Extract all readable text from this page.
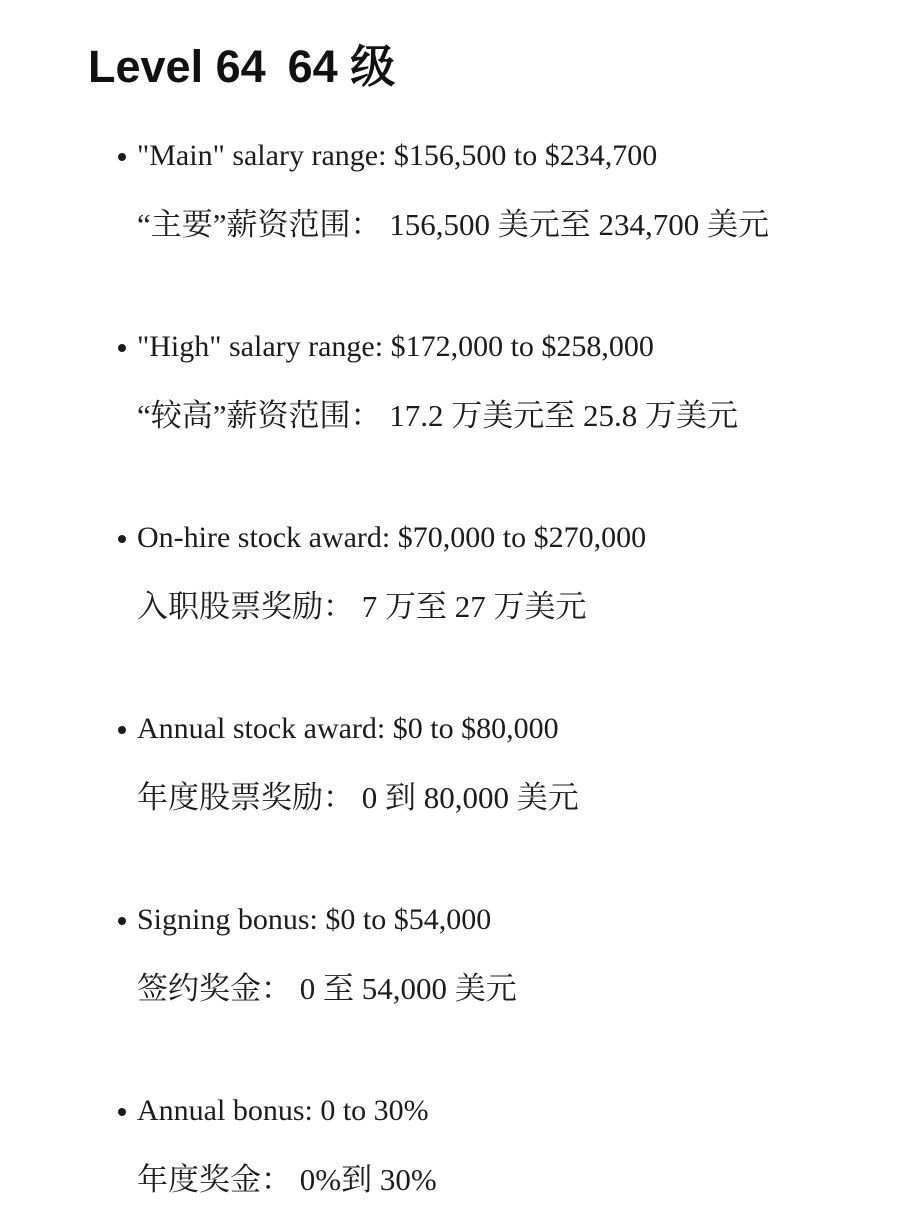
Level 64 64 级

"Main" salary range: $156,500 to $234,700

“主要”薪资范围： 156,500 美元至 234,700 美元

"High" salary range: $172,000 to $258,000

“较高”薪资范围： 17.2 万美元至 25.8 万美元

On-hire stock award: $70,000 to $270,000

入职股票奖励： 7 万至 27 万美元

Annual stock award: $0 to $80,000

年度股票奖励： 0 到 80,000 美元

Signing bonus: $0 to $54,000

签约奖金： 0 至 54,000 美元

Annual bonus: 0 to 30%

年度奖金： 0%到 30%
